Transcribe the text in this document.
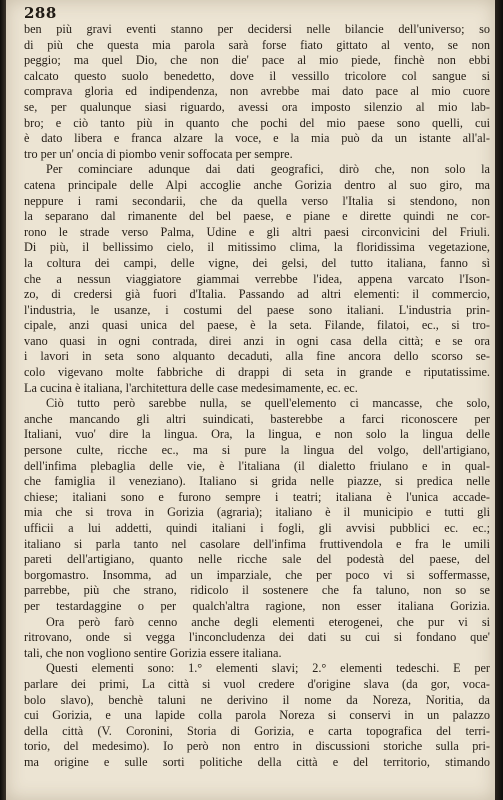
288
ben più gravi eventi stanno per decidersi nelle bilancie dell'universo; so
di più che questa mia parola sarà forse fiato gittato al vento, se non
peggio; ma quel Dio, che non die' pace al mio piede, finchè non ebbi
calcato questo suolo benedetto, dove il vessillo tricolore col sangue si
comprava gloria ed indipendenza, non avrebbe mai dato pace al mio cuore
se, per qualunque siasi riguardo, avessi ora imposto silenzio al mio lab-
bro; e ciò tanto più in quanto che pochi del mio paese sono quelli, cui
è dato libera e franca alzare la voce, e la mia può da un istante all'al-
tro per un' oncia di piombo venir soffocata per sempre.
Per cominciare adunque dai dati geografici, dirò che, non solo la
catena principale delle Alpi accoglie anche Gorizia dentro al suo giro, ma
neppure i rami secondarii, che da quella verso l'Italia si stendono, non
la separano dal rimanente del bel paese, e piane e dirette quindi ne cor-
rono le strade verso Palma, Udine e gli altri paesi circonvicini del Friuli.
Di più, il bellissimo cielo, il mitissimo clima, la floridissima vegetazione,
la coltura dei campi, delle vigne, dei gelsi, del tutto italiana, fanno sì
che a nessun viaggiatore giammai verrebbe l'idea, appena varcato l'Ison-
zo, di credersi già fuori d'Italia. Passando ad altri elementi: il commercio,
l'industria, le usanze, i costumi del paese sono italiani. L'industria prin-
cipale, anzi quasi unica del paese, è la seta. Filande, filatoi, ec., si tro-
vano quasi in ogni contrada, direi anzi in ogni casa della città; e se ora
i lavori in seta sono alquanto decaduti, alla fine ancora dello scorso se-
colo vigevano molte fabbriche di drappi di seta in grande e riputatissime.
La cucina è italiana, l'architettura delle case medesimamente, ec. ec.
Ciò tutto però sarebbe nulla, se quell'elemento ci mancasse, che solo,
anche mancando gli altri suindicati, basterebbe a farci riconoscere per
Italiani, vuo' dire la lingua. Ora, la lingua, e non solo la lingua delle
persone culte, ricche ec., ma si pure la lingua del volgo, dell'artigiano,
dell'infima plebaglia delle vie, è l'italiana (il dialetto friulano e in qual-
che famiglia il veneziano). Italiano si grida nelle piazze, si predica nelle
chiese; italiani sono e furono sempre i teatri; italiana è l'unica accade-
mia che si trova in Gorizia (agraria); italiano è il municipio e tutti gli
ufficii a lui addetti, quindi italiani i fogli, gli avvisi pubblici ec. ec.;
italiano si parla tanto nel casolare dell'infima fruttivendola e fra le umili
pareti dell'artigiano, quanto nelle ricche sale del podestà del paese, del
borgomastro. Insomma, ad un imparziale, che per poco vi si soffermasse,
parrebbe, più che strano, ridicolo il sostenere che fa taluno, non so se
per testardaggine o per qualch'altra ragione, non esser italiana Gorizia.
Ora però farò cenno anche degli elementi eterogenei, che pur vi si
ritrovano, onde si vegga l'inconcludenza dei dati su cui si fondano que'
tali, che non vogliono sentire Gorizia essere italiana.
Questi elementi sono: 1.° elementi slavi; 2.° elementi tedeschi. E per
parlare dei primi, La città si vuol credere d'origine slava (da gor, voca-
bolo slavo), benchè taluni ne derivino il nome da Noreza, Noritia, da
cui Gorizia, e una lapide colla parola Noreza si conservi in un palazzo
della città (V. Coronini, Storia di Gorizia, e carta topografica del terri-
torio, del medesimo). Io però non entro in discussioni storiche sulla pri-
ma origine e sulle sorti politiche della città e del territorio, stimando
